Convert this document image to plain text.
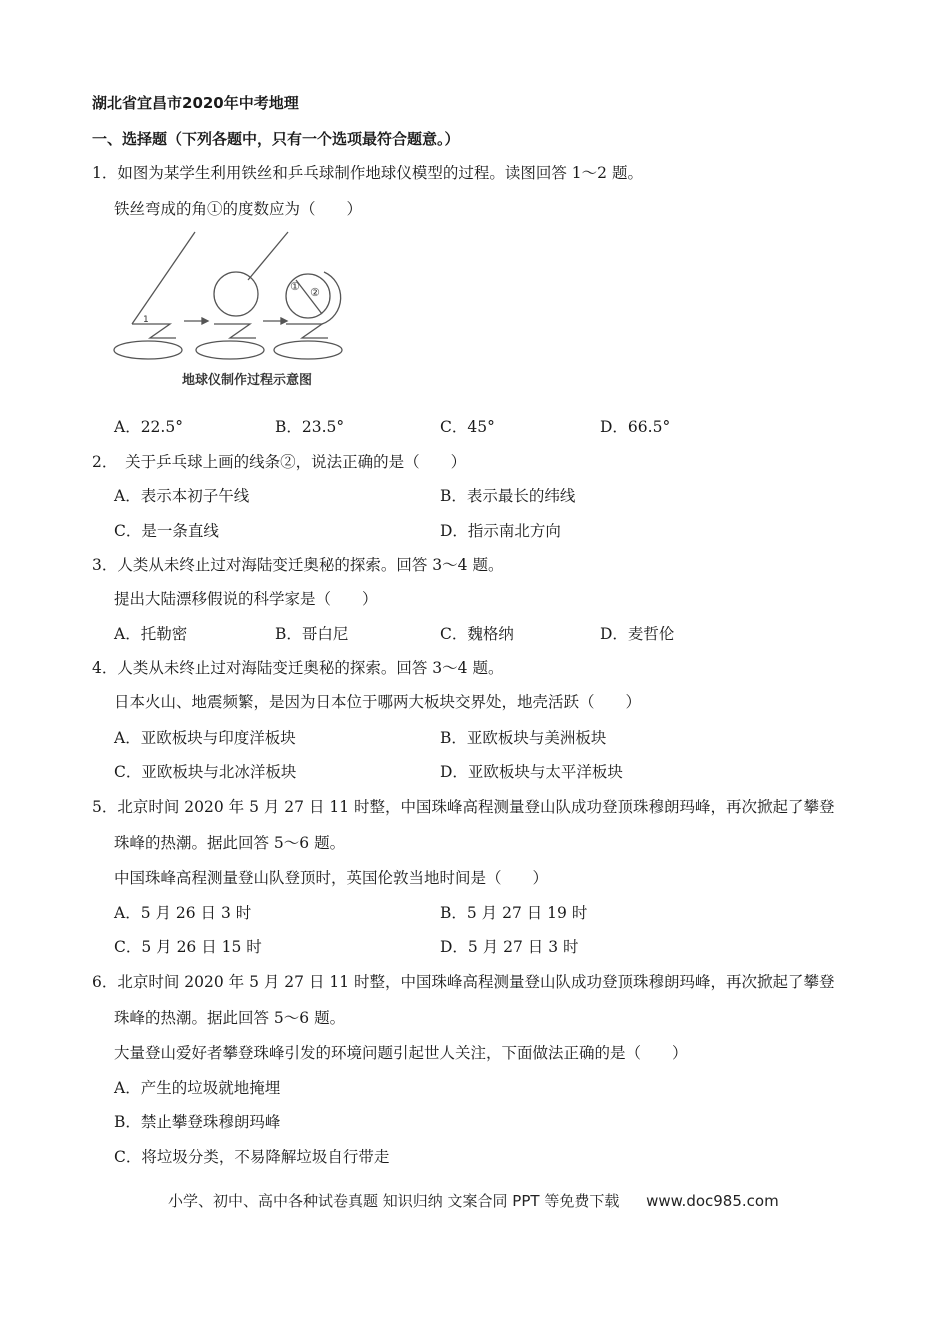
湖北省宜昌市2020年中考地理
一、选择题（下列各题中，只有一个选项最符合题意。）
1．如图为某学生利用铁丝和乒乓球制作地球仪模型的过程。读图回答 1～2 题。
铁丝弯成的角①的度数应为（　　）
1
① ②
地球仪制作过程示意图
A．22.5°	B．23.5°	C．45°	D．66.5°
2．　关于乒乓球上画的线条②，说法正确的是（　　）
A．表示本初子午线	B．表示最长的纬线
C．是一条直线	D．指示南北方向
3．人类从未终止过对海陆变迁奥秘的探索。回答 3～4 题。
提出大陆漂移假说的科学家是（　　）
A．托勒密	B．哥白尼	C．魏格纳	D．麦哲伦
4．人类从未终止过对海陆变迁奥秘的探索。回答 3～4 题。
日本火山、地震频繁，是因为日本位于哪两大板块交界处，地壳活跃（　　）
A．亚欧板块与印度洋板块	B．亚欧板块与美洲板块
C．亚欧板块与北冰洋板块	D．亚欧板块与太平洋板块
5．北京时间 2020 年 5 月 27 日 11 时整，中国珠峰高程测量登山队成功登顶珠穆朗玛峰，再次掀起了攀登
珠峰的热潮。据此回答 5～6 题。
中国珠峰高程测量登山队登顶时，英国伦敦当地时间是（　　）
A．5 月 26 日 3 时	B．5 月 27 日 19 时
C．5 月 26 日 15 时	D．5 月 27 日 3 时
6．北京时间 2020 年 5 月 27 日 11 时整，中国珠峰高程测量登山队成功登顶珠穆朗玛峰，再次掀起了攀登
珠峰的热潮。据此回答 5～6 题。
大量登山爱好者攀登珠峰引发的环境问题引起世人关注，下面做法正确的是（　　）
A．产生的垃圾就地掩埋
B．禁止攀登珠穆朗玛峰
C．将垃圾分类，不易降解垃圾自行带走
小学、初中、高中各种试卷真题 知识归纳 文案合同 PPT 等免费下载 www.doc985.com
